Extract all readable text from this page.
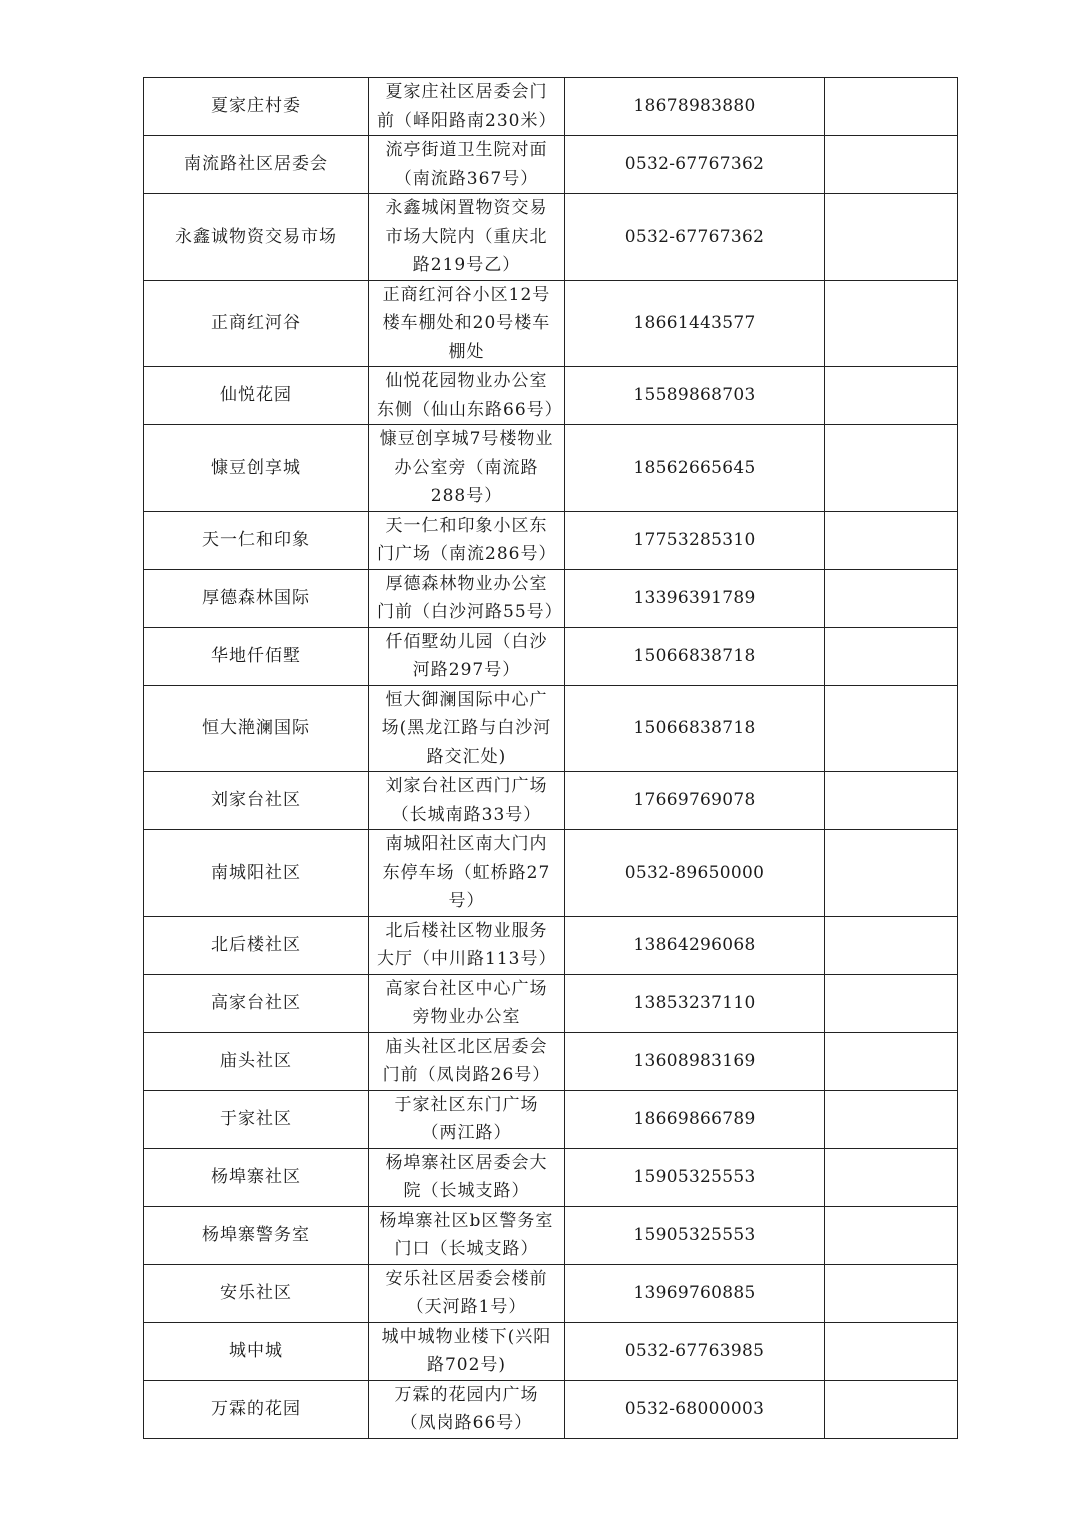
夏家庄村委	夏家庄社区居委会门前（峄阳路南230米）	18678983880	
南流路社区居委会	流亭街道卫生院对面（南流路367号）	0532-67767362	
永鑫诚物资交易市场	永鑫城闲置物资交易市场大院内（重庆北路219号乙）	0532-67767362	
正商红河谷	正商红河谷小区12号楼车棚处和20号楼车棚处	18661443577	
仙悦花园	仙悦花园物业办公室东侧（仙山东路66号）	15589868703	
慷豆创享城	慷豆创享城7号楼物业办公室旁（南流路288号）	18562665645	
天一仁和印象	天一仁和印象小区东门广场（南流286号）	17753285310	
厚德森林国际	厚德森林物业办公室门前（白沙河路55号）	13396391789	
华地仟佰墅	仟佰墅幼儿园（白沙河路297号）	15066838718	
恒大滟澜国际	恒大御澜国际中心广场(黑龙江路与白沙河路交汇处)	15066838718	
刘家台社区	刘家台社区西门广场（长城南路33号）	17669769078	
南城阳社区	南城阳社区南大门内东停车场（虹桥路27号）	0532-89650000	
北后楼社区	北后楼社区物业服务大厅（中川路113号）	13864296068	
高家台社区	高家台社区中心广场旁物业办公室	13853237110	
庙头社区	庙头社区北区居委会门前（凤岗路26号）	13608983169	
于家社区	于家社区东门广场（两江路）	18669866789	
杨埠寨社区	杨埠寨社区居委会大院（长城支路）	15905325553	
杨埠寨警务室	杨埠寨社区b区警务室门口（长城支路）	15905325553	
安乐社区	安乐社区居委会楼前（天河路1号）	13969760885	
城中城	城中城物业楼下(兴阳路702号)	0532-67763985	
万霖的花园	万霖的花园内广场（凤岗路66号）	0532-68000003	
